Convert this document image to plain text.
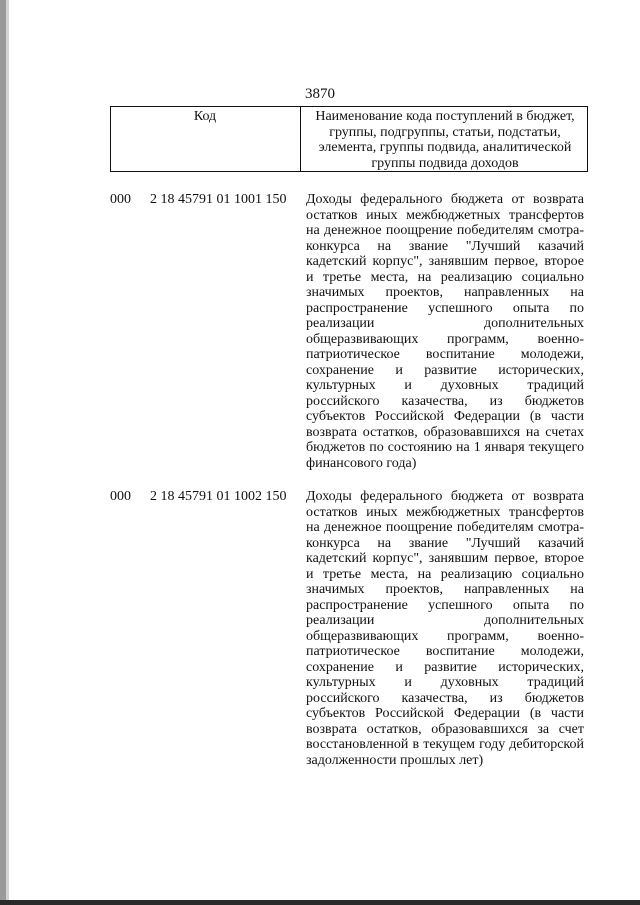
3870
Код	Наименование кода поступлений в бюджет, группы, подгруппы, статьи, подстатьи, элемента, группы подвида, аналитической группы подвида доходов
000 2 18 45791 01 1001 150 Доходы федерального бюджета от возврата остатков иных межбюджетных трансфертов на денежное поощрение победителям смотра-конкурса на звание "Лучший казачий кадетский корпус", занявшим первое, второе и третье места, на реализацию социально значимых проектов, направленных на распространение успешного опыта по реализации дополнительных общеразвивающих программ, военно-патриотическое воспитание молодежи, сохранение и развитие исторических, культурных и духовных традиций российского казачества, из бюджетов субъектов Российской Федерации (в части возврата остатков, образовавшихся на счетах бюджетов по состоянию на 1 января текущего финансового года)
000 2 18 45791 01 1002 150 Доходы федерального бюджета от возврата остатков иных межбюджетных трансфертов на денежное поощрение победителям смотра-конкурса на звание "Лучший казачий кадетский корпус", занявшим первое, второе и третье места, на реализацию социально значимых проектов, направленных на распространение успешного опыта по реализации дополнительных общеразвивающих программ, военно-патриотическое воспитание молодежи, сохранение и развитие исторических, культурных и духовных традиций российского казачества, из бюджетов субъектов Российской Федерации (в части возврата остатков, образовавшихся за счет восстановленной в текущем году дебиторской задолженности прошлых лет)
